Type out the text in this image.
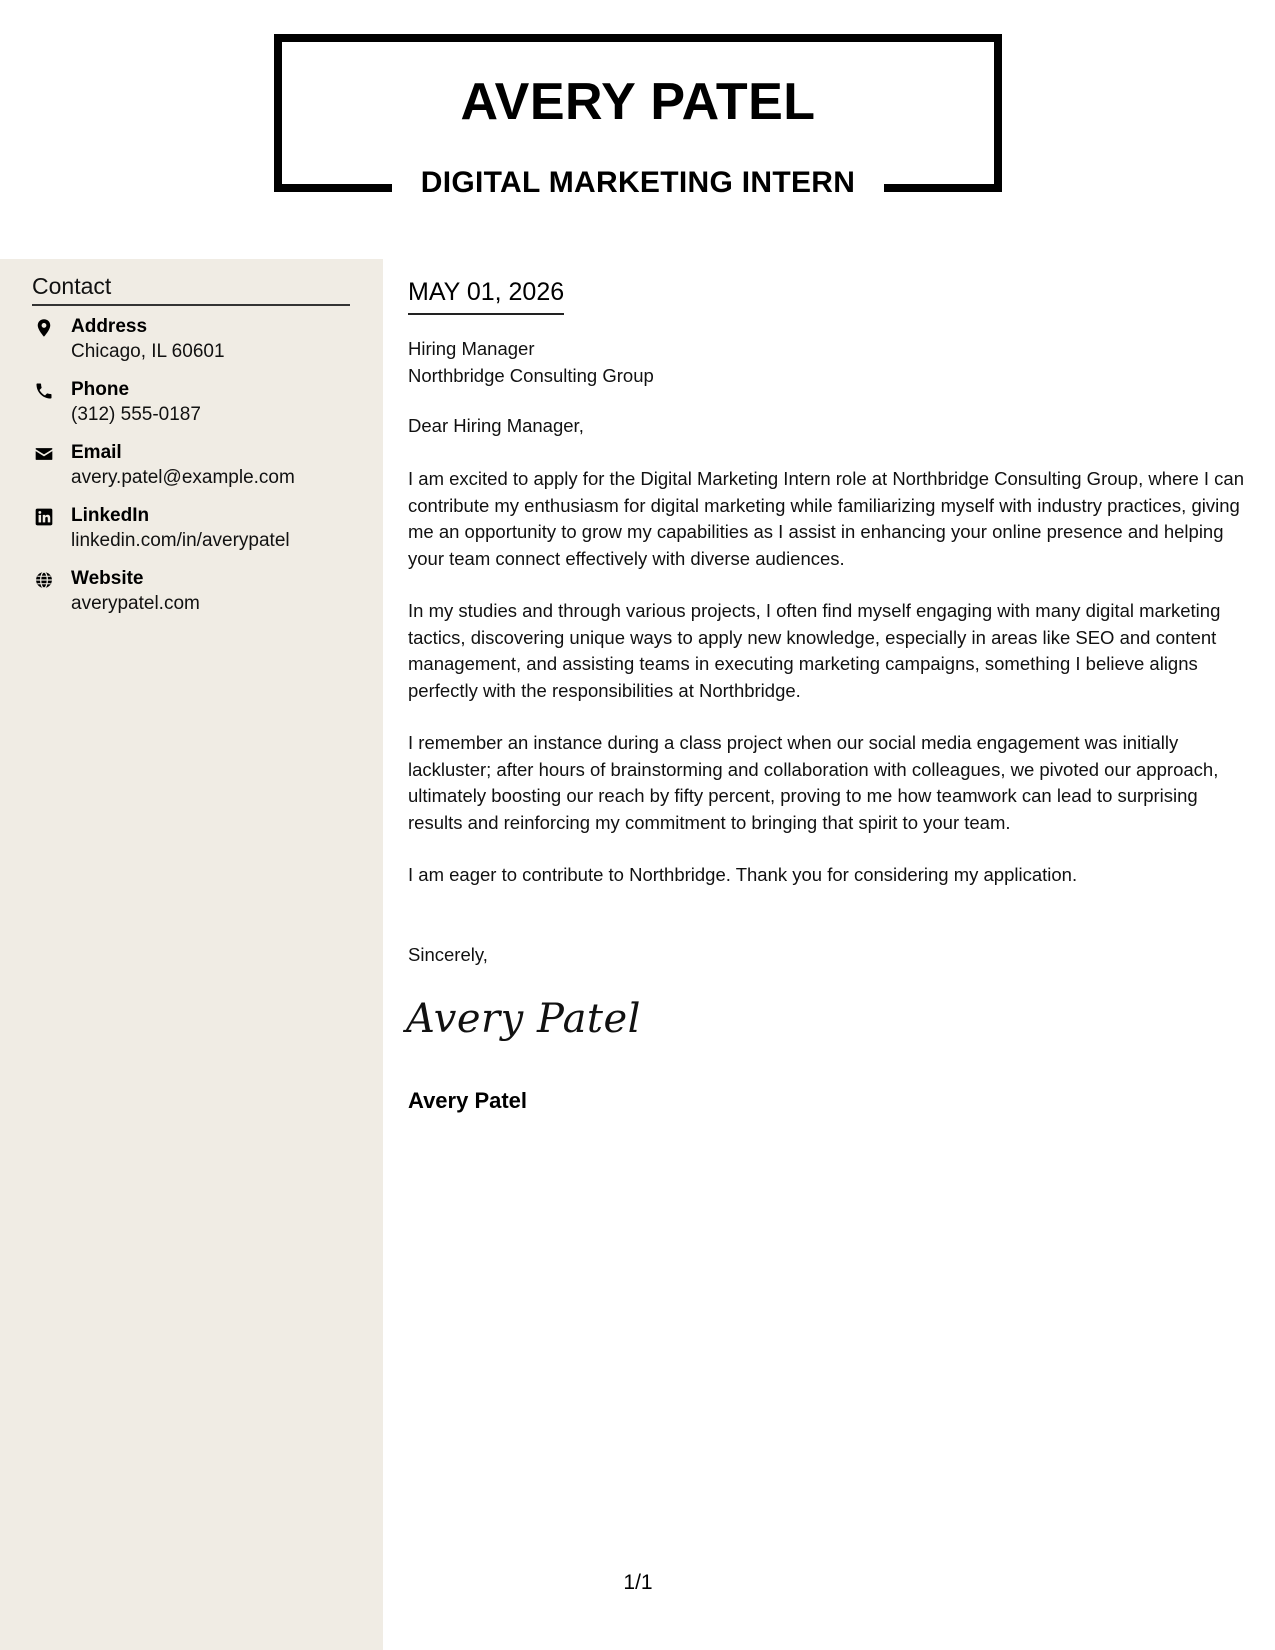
AVERY PATEL
DIGITAL MARKETING INTERN
Contact
Address
Chicago, IL 60601
Phone
(312) 555-0187
Email
avery.patel@example.com
LinkedIn
linkedin.com/in/averypatel
Website
averypatel.com
MAY 01, 2026
Hiring Manager
Northbridge Consulting Group
Dear Hiring Manager,

I am excited to apply for the Digital Marketing Intern role at Northbridge Consulting Group, where I can contribute my enthusiasm for digital marketing while familiarizing myself with industry practices, giving me an opportunity to grow my capabilities as I assist in enhancing your online presence and helping your team connect effectively with diverse audiences.

In my studies and through various projects, I often find myself engaging with many digital marketing tactics, discovering unique ways to apply new knowledge, especially in areas like SEO and content management, and assisting teams in executing marketing campaigns, something I believe aligns perfectly with the responsibilities at Northbridge.

I remember an instance during a class project when our social media engagement was initially lackluster; after hours of brainstorming and collaboration with colleagues, we pivoted our approach, ultimately boosting our reach by fifty percent, proving to me how teamwork can lead to surprising results and reinforcing my commitment to bringing that spirit to your team.

I am eager to contribute to Northbridge. Thank you for considering my application.

Sincerely,
Avery Patel
Avery Patel
1/1
